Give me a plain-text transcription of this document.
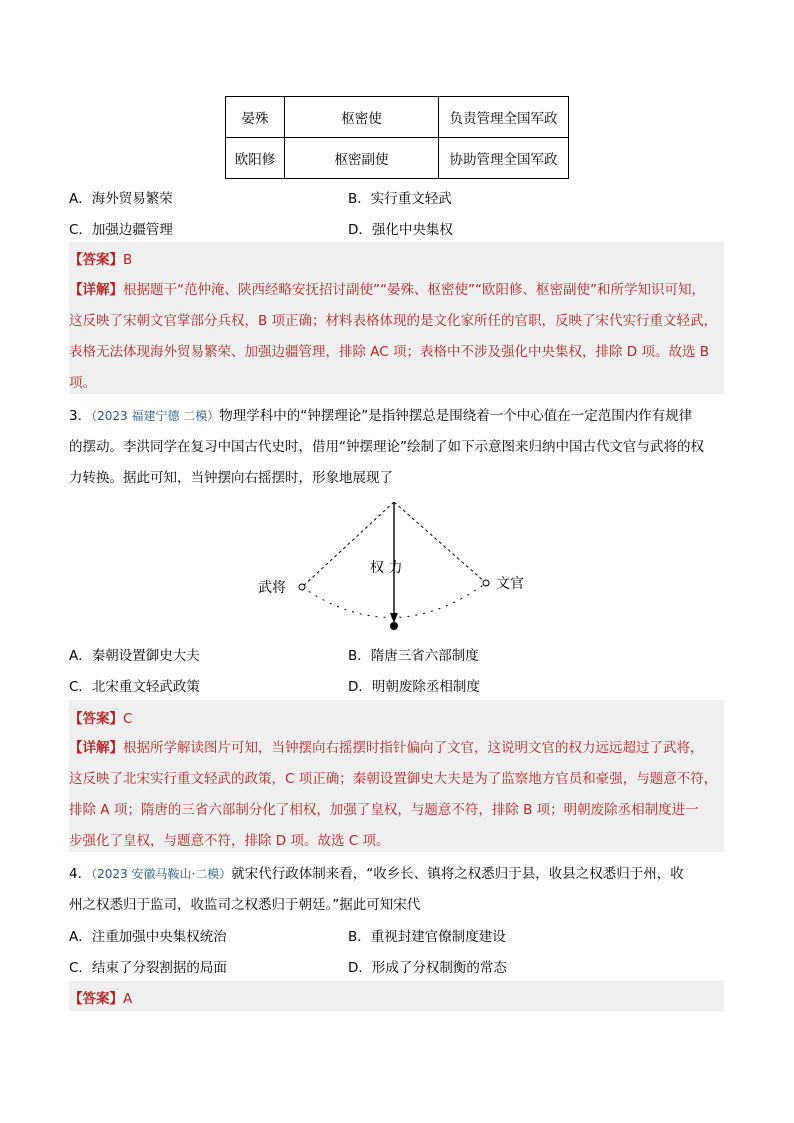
晏殊	枢密使	负责管理全国军政
欧阳修	枢密副使	协助管理全国军政
A．海外贸易繁荣	B．实行重文轻武
C．加强边疆管理	D．强化中央集权
【答案】B
【详解】根据题干“范仲淹、陕西经略安抚招讨副使”“晏殊、枢密使”“欧阳修、枢密副使”和所学知识可知，
这反映了宋朝文官掌部分兵权，B 项正确；材料表格体现的是文化家所任的官职，反映了宋代实行重文轻武，
表格无法体现海外贸易繁荣、加强边疆管理，排除 AC 项；表格中不涉及强化中央集权，排除 D 项。故选 B
项。
3．（2023 福建宁德 二模）物理学科中的“钟摆理论”是指钟摆总是围绕着一个中心值在一定范围内作有规律
的摆动。李洪同学在复习中国古代史时，借用“钟摆理论”绘制了如下示意图来归纳中国古代文官与武将的权
力转换。据此可知，当钟摆向右摇摆时，形象地展现了
武将	文官
权 力
A．秦朝设置御史大夫	B．隋唐三省六部制度
C．北宋重文轻武政策	D．明朝废除丞相制度
【答案】C
【详解】根据所学解读图片可知，当钟摆向右摇摆时指针偏向了文官，这说明文官的权力远远超过了武将，
这反映了北宋实行重文轻武的政策，C 项正确；秦朝设置御史大夫是为了监察地方官员和豪强，与题意不符，
排除 A 项；隋唐的三省六部制分化了相权，加强了皇权，与题意不符，排除 B 项；明朝废除丞相制度进一
步强化了皇权，与题意不符，排除 D 项。故选 C 项。
4．（2023 安徽马鞍山·二模）就宋代行政体制来看，“收乡长、镇将之权悉归于县，收县之权悉归于州，收
州之权悉归于监司，收监司之权悉归于朝廷。”据此可知宋代
A．注重加强中央集权统治	B．重视封建官僚制度建设
C．结束了分裂割据的局面	D．形成了分权制衡的常态
【答案】A
